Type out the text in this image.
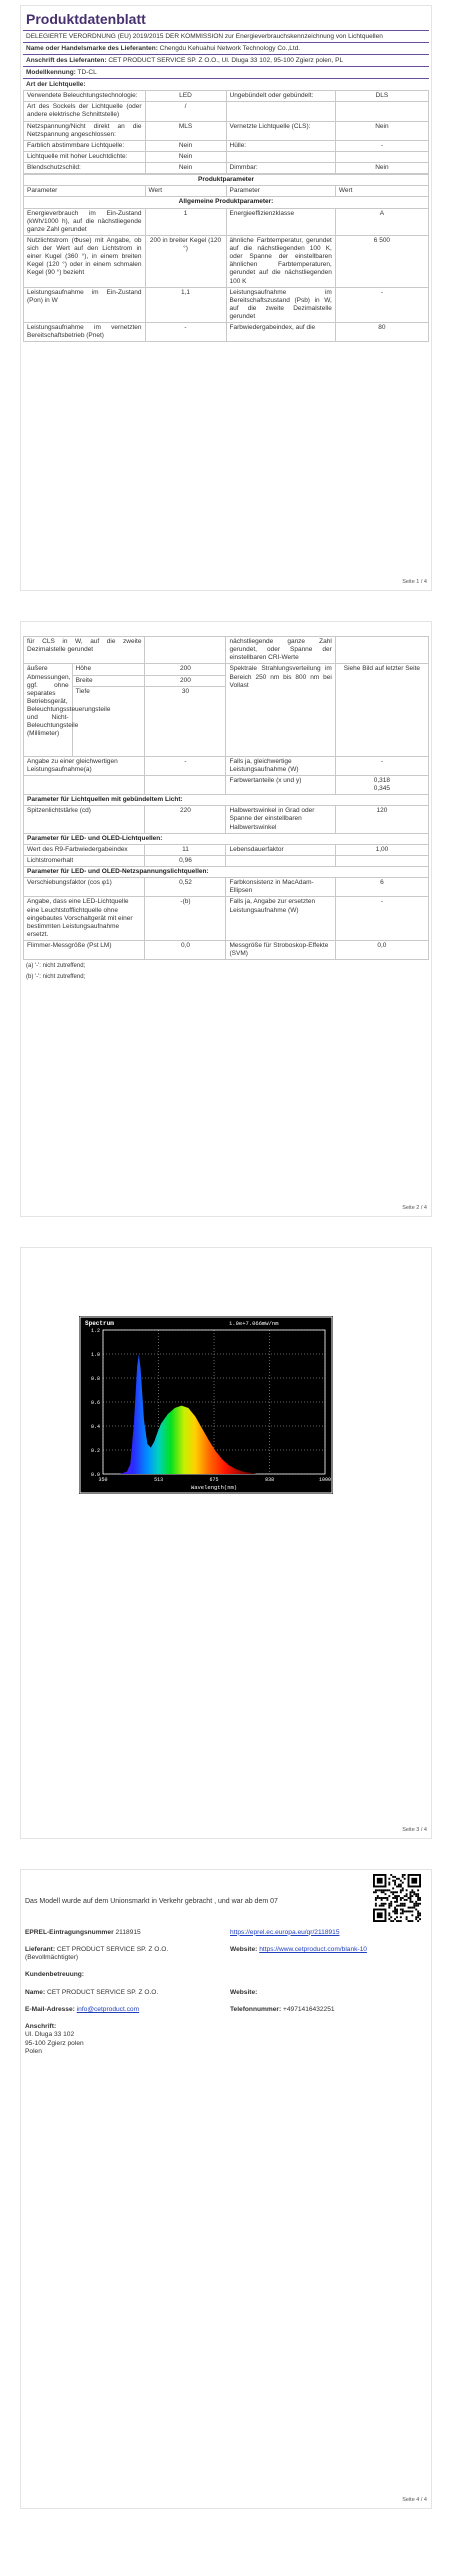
Produktdatenblatt
DELEGIERTE VERORDNUNG (EU) 2019/2015 DER KOMMISSION zur Energieverbrauchskennzeichnung von Lichtquellen
Name oder Handelsmarke des Lieferanten: Chengdu Kehuahui Network Technology Co.,Ltd.
Anschrift des Lieferanten: CET PRODUCT SERVICE SP. Z O.O., Ul. Dluga 33 102, 95-100 Zgierz polen, PL
Modellkennung: TD-CL
Art der Lichtquelle:
Verwendete Beleuchtungstechnologie:	LED	Ungebündelt oder gebündelt:	DLS
Art des Sockels der Lichtquelle (oder andere elektrische Schnittstelle)	/		
Netzspannung/Nicht direkt an die Netzspannung angeschlossen:	MLS	Vernetzte Lichtquelle (CLS):	Nein
Farblich abstimmbare Lichtquelle:	Nein	Hülle:	-
Lichtquelle mit hoher Leuchtdichte:	Nein		
Blendschutzschild:	Nein	Dimmbar:	Nein
Produktparameter			
Parameter	Wert	Parameter	Wert
Allgemeine Produktparameter:			
Energieverbrauch im Ein-Zustand (kWh/1000 h), auf die nächstliegende ganze Zahl gerundet	1	Energieeffizienzklasse	A
Nutzlichtstrom (Φuse) mit Angabe, ob sich der Wert auf den Lichtstrom in einer Kugel (360 °), in einem breiten Kegel (120 °) oder in einem schmalen Kegel (90 °) bezieht	200 in breiter Kegel (120 °)	ähnliche Farbtemperatur, gerundet auf die nächstliegenden 100 K, oder Spanne der einstellbaren ähnlichen Farbtemperaturen, gerundet auf die nächstliegenden 100 K	6 500
Leistungsaufnahme im Ein-Zustand (Pon) in W	1,1	Leistungsaufnahme im Bereitschaftszustand (Psb) in W, auf die zweite Dezimalstelle gerundet	-
Leistungsaufnahme im vernetzten Bereitschaftsbetrieb (Pnet)	-	Farbwiedergabeindex, auf die	80
Seite 1 / 4
für CLS in W, auf die zweite Dezimalstelle gerundet			nächstliegende ganze Zahl gerundet, oder Spanne der einstellbaren CRI-Werte	
äußere Abmessungen, ggf. ohne separates Betriebsgerät, Beleuchtungssteuerungsteile und Nicht-Beleuchtungsteile (Millimeter)	Höhe	200	Spektrale Strahlungsverteilung im Bereich 250 nm bis 800 nm bei Vollast	Siehe Bild auf letzter Seite
	Breite	200		
	Tiefe	30		
Angabe zu einer gleichwertigen Leistungsaufnahme(a)		-	Falls ja, gleichwertige Leistungsaufnahme (W)	-
			Farbwertanteile (x und y)	0,318
0,345
Parameter für Lichtquellen mit gebündeltem Licht:				
Spitzenlichtstärke (cd)		220	Halbwertswinkel in Grad oder Spanne der einstellbaren Halbwertswinkel	120
Parameter für LED- und OLED-Lichtquellen:				
Wert des R9-Farbwiedergabeindex		11	Lebensdauerfaktor	1,00
Lichtstromerhalt		0,96		
Parameter für LED- und OLED-Netzspannungslichtquellen:				
Verschiebungsfaktor (cos φ1)		0,52	Farbkonsistenz in MacAdam-Ellipsen	6
Angabe, dass eine LED-Lichtquelle eine Leuchtstofflichtquelle ohne eingebautes Vorschaltgerät mit einer bestimmten Leistungsaufnahme ersetzt.		-(b)	Falls ja, Angabe zur ersetzten Leistungsaufnahme (W)	-
Flimmer-Messgröße (Pst LM)		0,0	Messgröße für Stroboskop-Effekte (SVM)	0,0
(a) '-': nicht zutreffend;
(b) '-': nicht zutreffend;
Seite 2 / 4
0.0
0.2
0.4
0.6
0.8
1.0
1.2
350	513	675	838	1000
Spectrum	1.0e+7.066mW/nm
Wavelength(nm)
Seite 3 / 4
Das Modell wurde auf dem Unionsmarkt in Verkehr gebracht , und war ab dem 07
EPREL-Eintragungsnummer 2118915	https://eprel.ec.europa.eu/qr/2118915
Lieferant: CET PRODUCT SERVICE SP. Z O.O. (Bevollmächtigter)
Website: https://www.cetproduct.com/blank-10
Kundenbetreuung:
Name: CET PRODUCT SERVICE SP. Z O.O.	Website:
E-Mail-Adresse: info@cetproduct.com	Telefonnummer: +4971416432251
Anschrift:
Ul. Dluga 33 102
95-100 Zgierz polen
Polen
Seite 4 / 4
